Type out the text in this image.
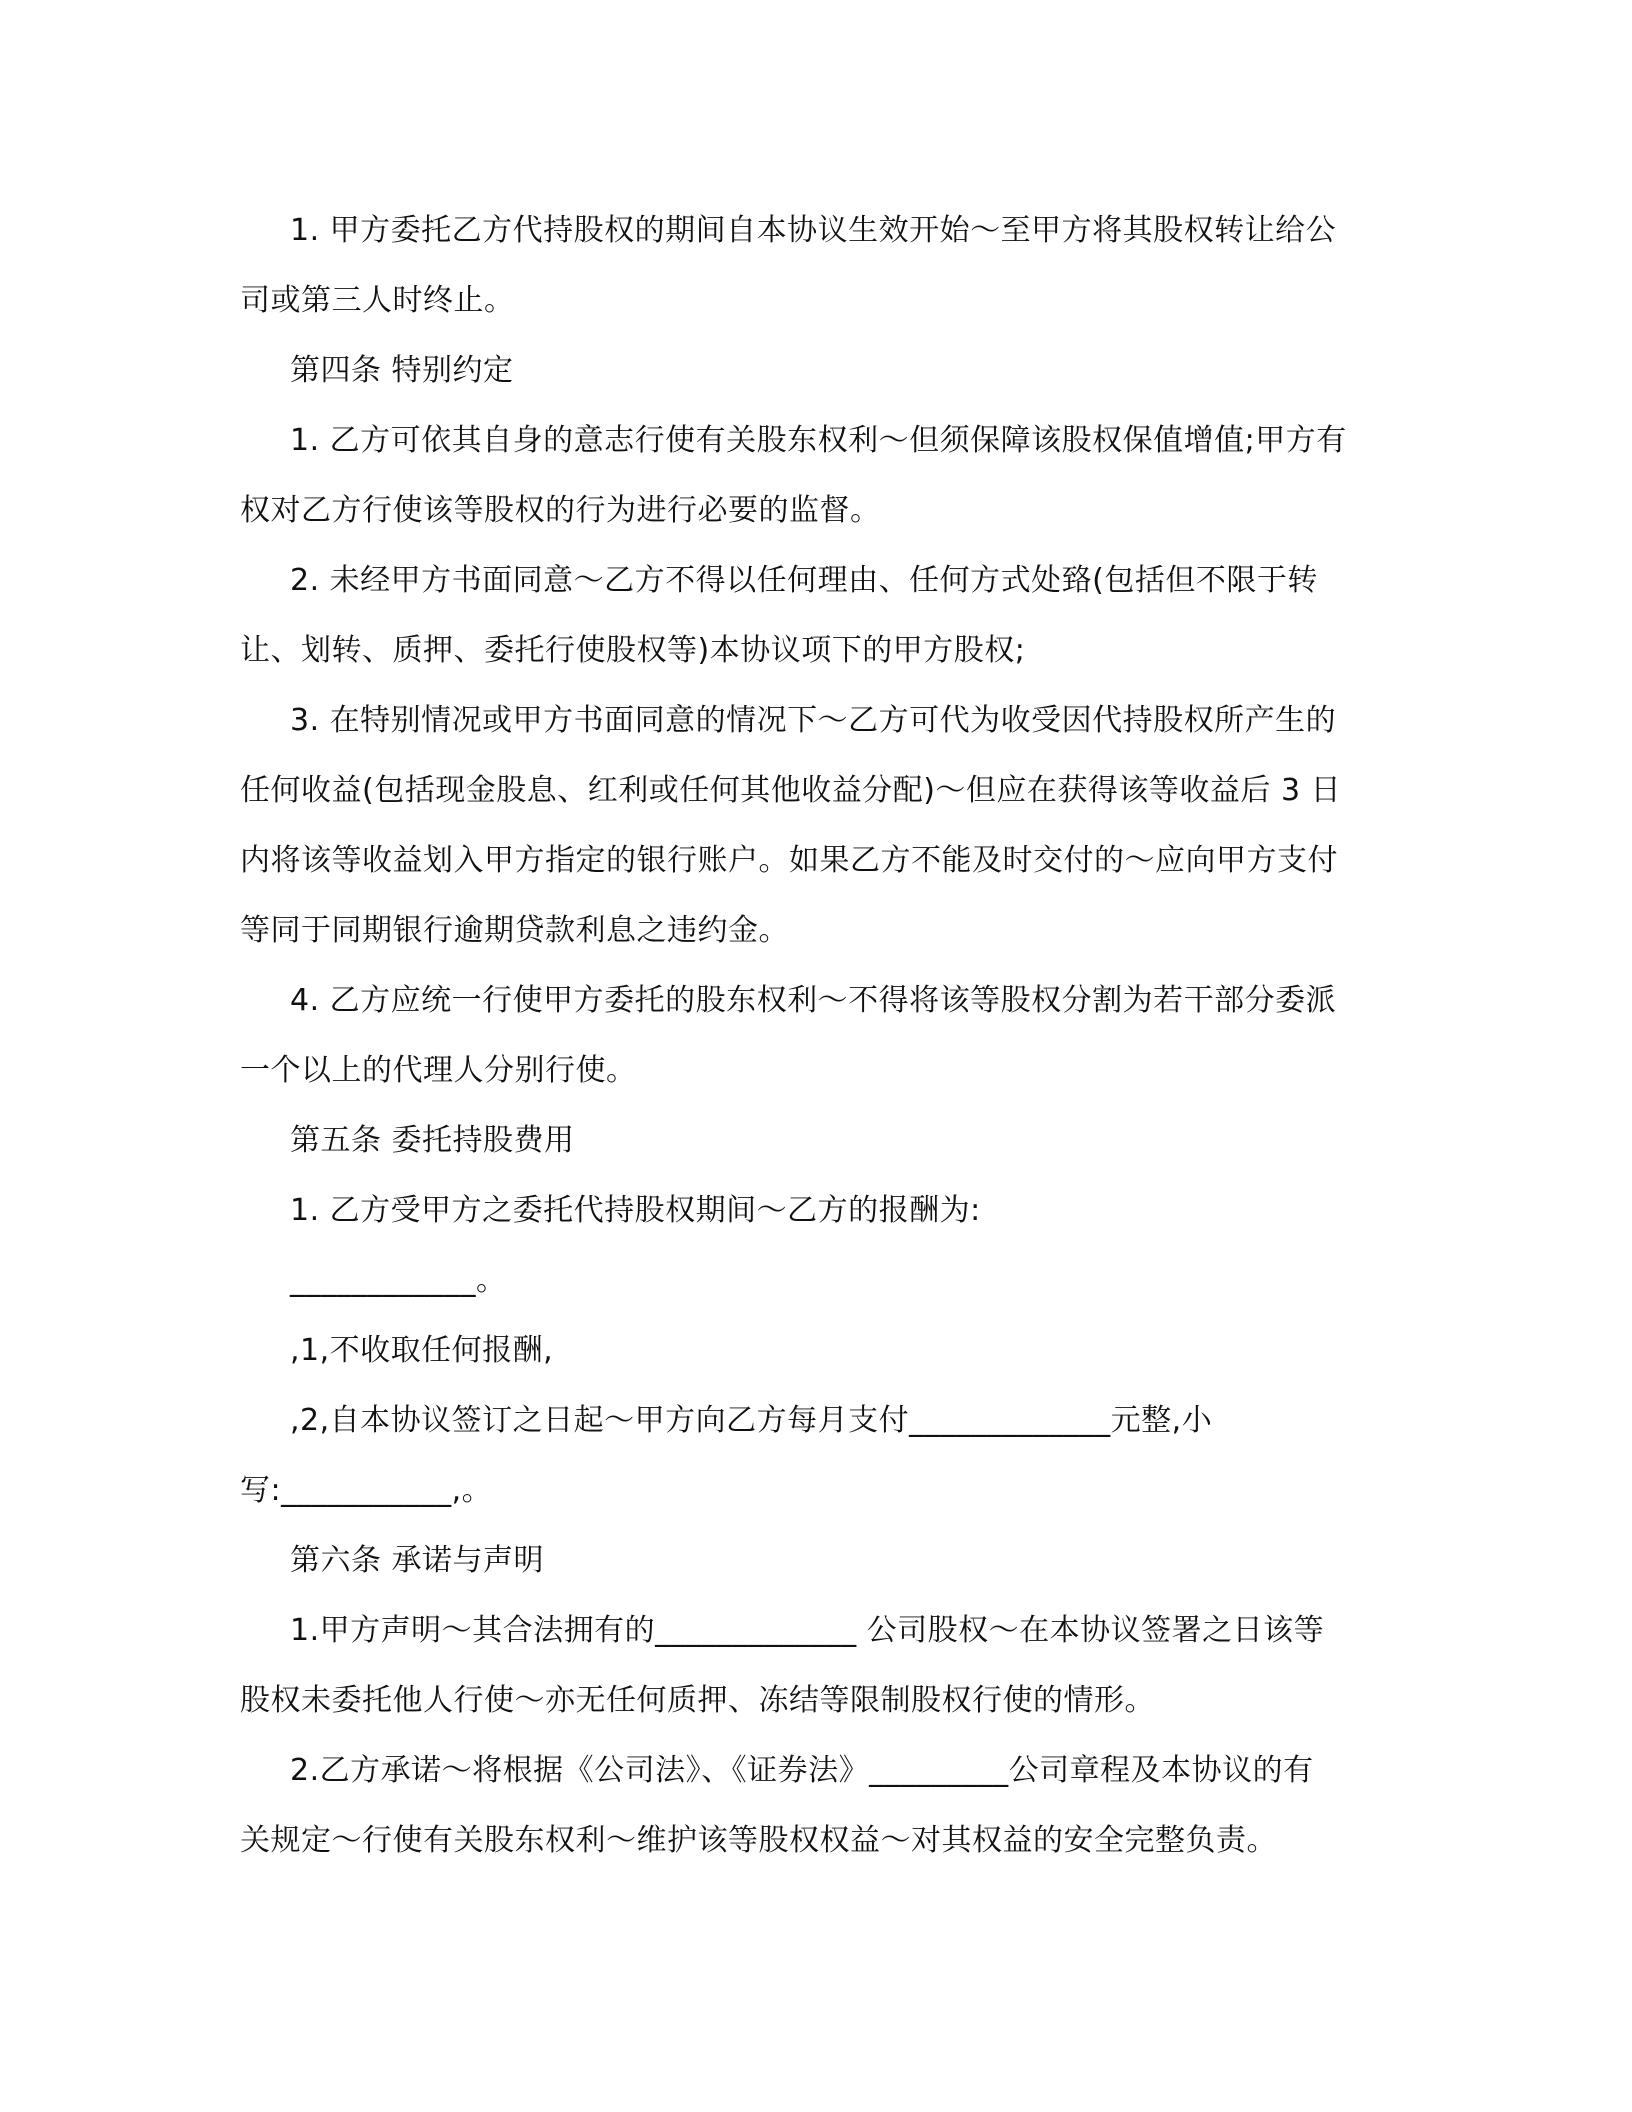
1. 甲方委托乙方代持股权的期间自本协议生效开始～至甲方将其股权转让给公
司或第三人时终止。
第四条 特别约定
1. 乙方可依其自身的意志行使有关股东权利～但须保障该股权保值增值;甲方有
权对乙方行使该等股权的行为进行必要的监督。
2. 未经甲方书面同意～乙方不得以任何理由、任何方式处臵(包括但不限于转
让、划转、质押、委托行使股权等)本协议项下的甲方股权;
3. 在特别情况或甲方书面同意的情况下～乙方可代为收受因代持股权所产生的
任何收益(包括现金股息、红利或任何其他收益分配)～但应在获得该等收益后 3 日
内将该等收益划入甲方指定的银行账户。如果乙方不能及时交付的～应向甲方支付
等同于同期银行逾期贷款利息之违约金。
4. 乙方应统一行使甲方委托的股东权利～不得将该等股权分割为若干部分委派
一个以上的代理人分别行使。
第五条 委托持股费用
1. 乙方受甲方之委托代持股权期间～乙方的报酬为:
____________。
,1,不收取任何报酬,
,2,自本协议签订之日起～甲方向乙方每月支付_____________元整,小
写:___________,。
第六条 承诺与声明
1.甲方声明～其合法拥有的_____________ 公司股权～在本协议签署之日该等
股权未委托他人行使～亦无任何质押、冻结等限制股权行使的情形。
2.乙方承诺～将根据《公司法》、《证券法》_________公司章程及本协议的有
关规定～行使有关股东权利～维护该等股权权益～对其权益的安全完整负责。
